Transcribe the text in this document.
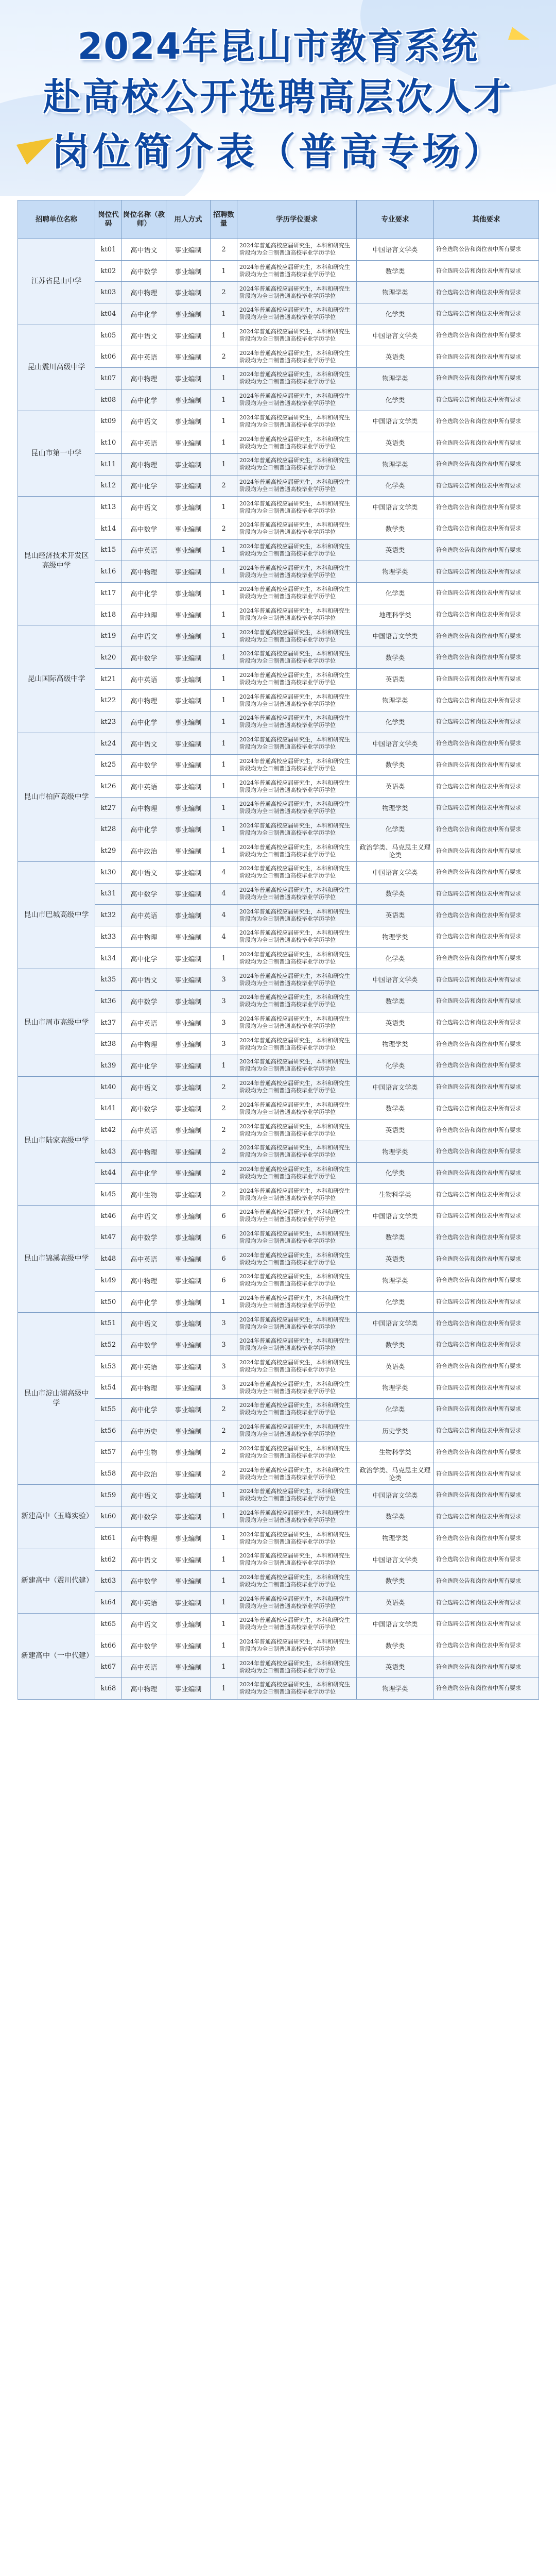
2024年昆山市教育系统
赴高校公开选聘高层次人才
岗位简介表（普高专场）
招聘单位名称	岗位代码	岗位名称（教师）	用人方式	招聘数量	学历学位要求	专业要求	其他要求
江苏省昆山中学	kt01	高中语文	事业编制	2	2024年普通高校应届研究生，本科和研究生阶段均为全日制普通高校毕业学历学位	中国语言文学类	符合选聘公告和岗位表中所有要求
	kt02	高中数学	事业编制	1	2024年普通高校应届研究生，本科和研究生阶段均为全日制普通高校毕业学历学位	数学类	符合选聘公告和岗位表中所有要求
	kt03	高中物理	事业编制	2	2024年普通高校应届研究生，本科和研究生阶段均为全日制普通高校毕业学历学位	物理学类	符合选聘公告和岗位表中所有要求
	kt04	高中化学	事业编制	1	2024年普通高校应届研究生，本科和研究生阶段均为全日制普通高校毕业学历学位	化学类	符合选聘公告和岗位表中所有要求
昆山震川高级中学	kt05	高中语文	事业编制	1	2024年普通高校应届研究生，本科和研究生阶段均为全日制普通高校毕业学历学位	中国语言文学类	符合选聘公告和岗位表中所有要求
	kt06	高中英语	事业编制	2	2024年普通高校应届研究生，本科和研究生阶段均为全日制普通高校毕业学历学位	英语类	符合选聘公告和岗位表中所有要求
	kt07	高中物理	事业编制	1	2024年普通高校应届研究生，本科和研究生阶段均为全日制普通高校毕业学历学位	物理学类	符合选聘公告和岗位表中所有要求
	kt08	高中化学	事业编制	1	2024年普通高校应届研究生，本科和研究生阶段均为全日制普通高校毕业学历学位	化学类	符合选聘公告和岗位表中所有要求
昆山市第一中学	kt09	高中语文	事业编制	1	2024年普通高校应届研究生，本科和研究生阶段均为全日制普通高校毕业学历学位	中国语言文学类	符合选聘公告和岗位表中所有要求
	kt10	高中英语	事业编制	1	2024年普通高校应届研究生，本科和研究生阶段均为全日制普通高校毕业学历学位	英语类	符合选聘公告和岗位表中所有要求
	kt11	高中物理	事业编制	1	2024年普通高校应届研究生，本科和研究生阶段均为全日制普通高校毕业学历学位	物理学类	符合选聘公告和岗位表中所有要求
	kt12	高中化学	事业编制	2	2024年普通高校应届研究生，本科和研究生阶段均为全日制普通高校毕业学历学位	化学类	符合选聘公告和岗位表中所有要求
昆山经济技术开发区高级中学	kt13	高中语文	事业编制	1	2024年普通高校应届研究生，本科和研究生阶段均为全日制普通高校毕业学历学位	中国语言文学类	符合选聘公告和岗位表中所有要求
	kt14	高中数学	事业编制	2	2024年普通高校应届研究生，本科和研究生阶段均为全日制普通高校毕业学历学位	数学类	符合选聘公告和岗位表中所有要求
	kt15	高中英语	事业编制	1	2024年普通高校应届研究生，本科和研究生阶段均为全日制普通高校毕业学历学位	英语类	符合选聘公告和岗位表中所有要求
	kt16	高中物理	事业编制	1	2024年普通高校应届研究生，本科和研究生阶段均为全日制普通高校毕业学历学位	物理学类	符合选聘公告和岗位表中所有要求
	kt17	高中化学	事业编制	1	2024年普通高校应届研究生，本科和研究生阶段均为全日制普通高校毕业学历学位	化学类	符合选聘公告和岗位表中所有要求
	kt18	高中地理	事业编制	1	2024年普通高校应届研究生，本科和研究生阶段均为全日制普通高校毕业学历学位	地理科学类	符合选聘公告和岗位表中所有要求
昆山国际高级中学	kt19	高中语文	事业编制	1	2024年普通高校应届研究生，本科和研究生阶段均为全日制普通高校毕业学历学位	中国语言文学类	符合选聘公告和岗位表中所有要求
	kt20	高中数学	事业编制	1	2024年普通高校应届研究生，本科和研究生阶段均为全日制普通高校毕业学历学位	数学类	符合选聘公告和岗位表中所有要求
	kt21	高中英语	事业编制	1	2024年普通高校应届研究生，本科和研究生阶段均为全日制普通高校毕业学历学位	英语类	符合选聘公告和岗位表中所有要求
	kt22	高中物理	事业编制	1	2024年普通高校应届研究生，本科和研究生阶段均为全日制普通高校毕业学历学位	物理学类	符合选聘公告和岗位表中所有要求
	kt23	高中化学	事业编制	1	2024年普通高校应届研究生，本科和研究生阶段均为全日制普通高校毕业学历学位	化学类	符合选聘公告和岗位表中所有要求
昆山市柏庐高级中学	kt24	高中语文	事业编制	1	2024年普通高校应届研究生，本科和研究生阶段均为全日制普通高校毕业学历学位	中国语言文学类	符合选聘公告和岗位表中所有要求
	kt25	高中数学	事业编制	1	2024年普通高校应届研究生，本科和研究生阶段均为全日制普通高校毕业学历学位	数学类	符合选聘公告和岗位表中所有要求
	kt26	高中英语	事业编制	1	2024年普通高校应届研究生，本科和研究生阶段均为全日制普通高校毕业学历学位	英语类	符合选聘公告和岗位表中所有要求
	kt27	高中物理	事业编制	1	2024年普通高校应届研究生，本科和研究生阶段均为全日制普通高校毕业学历学位	物理学类	符合选聘公告和岗位表中所有要求
	kt28	高中化学	事业编制	1	2024年普通高校应届研究生，本科和研究生阶段均为全日制普通高校毕业学历学位	化学类	符合选聘公告和岗位表中所有要求
	kt29	高中政治	事业编制	1	2024年普通高校应届研究生，本科和研究生阶段均为全日制普通高校毕业学历学位	政治学类、马克思主义理论类	符合选聘公告和岗位表中所有要求
昆山市巴城高级中学	kt30	高中语文	事业编制	4	2024年普通高校应届研究生，本科和研究生阶段均为全日制普通高校毕业学历学位	中国语言文学类	符合选聘公告和岗位表中所有要求
	kt31	高中数学	事业编制	4	2024年普通高校应届研究生，本科和研究生阶段均为全日制普通高校毕业学历学位	数学类	符合选聘公告和岗位表中所有要求
	kt32	高中英语	事业编制	4	2024年普通高校应届研究生，本科和研究生阶段均为全日制普通高校毕业学历学位	英语类	符合选聘公告和岗位表中所有要求
	kt33	高中物理	事业编制	4	2024年普通高校应届研究生，本科和研究生阶段均为全日制普通高校毕业学历学位	物理学类	符合选聘公告和岗位表中所有要求
	kt34	高中化学	事业编制	1	2024年普通高校应届研究生，本科和研究生阶段均为全日制普通高校毕业学历学位	化学类	符合选聘公告和岗位表中所有要求
昆山市周市高级中学	kt35	高中语文	事业编制	3	2024年普通高校应届研究生，本科和研究生阶段均为全日制普通高校毕业学历学位	中国语言文学类	符合选聘公告和岗位表中所有要求
	kt36	高中数学	事业编制	3	2024年普通高校应届研究生，本科和研究生阶段均为全日制普通高校毕业学历学位	数学类	符合选聘公告和岗位表中所有要求
	kt37	高中英语	事业编制	3	2024年普通高校应届研究生，本科和研究生阶段均为全日制普通高校毕业学历学位	英语类	符合选聘公告和岗位表中所有要求
	kt38	高中物理	事业编制	3	2024年普通高校应届研究生，本科和研究生阶段均为全日制普通高校毕业学历学位	物理学类	符合选聘公告和岗位表中所有要求
	kt39	高中化学	事业编制	1	2024年普通高校应届研究生，本科和研究生阶段均为全日制普通高校毕业学历学位	化学类	符合选聘公告和岗位表中所有要求
昆山市陆家高级中学	kt40	高中语文	事业编制	2	2024年普通高校应届研究生，本科和研究生阶段均为全日制普通高校毕业学历学位	中国语言文学类	符合选聘公告和岗位表中所有要求
	kt41	高中数学	事业编制	2	2024年普通高校应届研究生，本科和研究生阶段均为全日制普通高校毕业学历学位	数学类	符合选聘公告和岗位表中所有要求
	kt42	高中英语	事业编制	2	2024年普通高校应届研究生，本科和研究生阶段均为全日制普通高校毕业学历学位	英语类	符合选聘公告和岗位表中所有要求
	kt43	高中物理	事业编制	2	2024年普通高校应届研究生，本科和研究生阶段均为全日制普通高校毕业学历学位	物理学类	符合选聘公告和岗位表中所有要求
	kt44	高中化学	事业编制	2	2024年普通高校应届研究生，本科和研究生阶段均为全日制普通高校毕业学历学位	化学类	符合选聘公告和岗位表中所有要求
	kt45	高中生物	事业编制	2	2024年普通高校应届研究生，本科和研究生阶段均为全日制普通高校毕业学历学位	生物科学类	符合选聘公告和岗位表中所有要求
昆山市锦溪高级中学	kt46	高中语文	事业编制	6	2024年普通高校应届研究生，本科和研究生阶段均为全日制普通高校毕业学历学位	中国语言文学类	符合选聘公告和岗位表中所有要求
	kt47	高中数学	事业编制	6	2024年普通高校应届研究生，本科和研究生阶段均为全日制普通高校毕业学历学位	数学类	符合选聘公告和岗位表中所有要求
	kt48	高中英语	事业编制	6	2024年普通高校应届研究生，本科和研究生阶段均为全日制普通高校毕业学历学位	英语类	符合选聘公告和岗位表中所有要求
	kt49	高中物理	事业编制	6	2024年普通高校应届研究生，本科和研究生阶段均为全日制普通高校毕业学历学位	物理学类	符合选聘公告和岗位表中所有要求
	kt50	高中化学	事业编制	1	2024年普通高校应届研究生，本科和研究生阶段均为全日制普通高校毕业学历学位	化学类	符合选聘公告和岗位表中所有要求
昆山市淀山湖高级中学	kt51	高中语文	事业编制	3	2024年普通高校应届研究生，本科和研究生阶段均为全日制普通高校毕业学历学位	中国语言文学类	符合选聘公告和岗位表中所有要求
	kt52	高中数学	事业编制	3	2024年普通高校应届研究生，本科和研究生阶段均为全日制普通高校毕业学历学位	数学类	符合选聘公告和岗位表中所有要求
	kt53	高中英语	事业编制	3	2024年普通高校应届研究生，本科和研究生阶段均为全日制普通高校毕业学历学位	英语类	符合选聘公告和岗位表中所有要求
	kt54	高中物理	事业编制	3	2024年普通高校应届研究生，本科和研究生阶段均为全日制普通高校毕业学历学位	物理学类	符合选聘公告和岗位表中所有要求
	kt55	高中化学	事业编制	2	2024年普通高校应届研究生，本科和研究生阶段均为全日制普通高校毕业学历学位	化学类	符合选聘公告和岗位表中所有要求
	kt56	高中历史	事业编制	2	2024年普通高校应届研究生，本科和研究生阶段均为全日制普通高校毕业学历学位	历史学类	符合选聘公告和岗位表中所有要求
	kt57	高中生物	事业编制	2	2024年普通高校应届研究生，本科和研究生阶段均为全日制普通高校毕业学历学位	生物科学类	符合选聘公告和岗位表中所有要求
	kt58	高中政治	事业编制	2	2024年普通高校应届研究生，本科和研究生阶段均为全日制普通高校毕业学历学位	政治学类、马克思主义理论类	符合选聘公告和岗位表中所有要求
新建高中（玉峰实验）	kt59	高中语文	事业编制	1	2024年普通高校应届研究生，本科和研究生阶段均为全日制普通高校毕业学历学位	中国语言文学类	符合选聘公告和岗位表中所有要求
	kt60	高中数学	事业编制	1	2024年普通高校应届研究生，本科和研究生阶段均为全日制普通高校毕业学历学位	数学类	符合选聘公告和岗位表中所有要求
	kt61	高中物理	事业编制	1	2024年普通高校应届研究生，本科和研究生阶段均为全日制普通高校毕业学历学位	物理学类	符合选聘公告和岗位表中所有要求
新建高中（震川代建）	kt62	高中语文	事业编制	1	2024年普通高校应届研究生，本科和研究生阶段均为全日制普通高校毕业学历学位	中国语言文学类	符合选聘公告和岗位表中所有要求
	kt63	高中数学	事业编制	1	2024年普通高校应届研究生，本科和研究生阶段均为全日制普通高校毕业学历学位	数学类	符合选聘公告和岗位表中所有要求
	kt64	高中英语	事业编制	1	2024年普通高校应届研究生，本科和研究生阶段均为全日制普通高校毕业学历学位	英语类	符合选聘公告和岗位表中所有要求
新建高中（一中代建）	kt65	高中语文	事业编制	1	2024年普通高校应届研究生，本科和研究生阶段均为全日制普通高校毕业学历学位	中国语言文学类	符合选聘公告和岗位表中所有要求
	kt66	高中数学	事业编制	1	2024年普通高校应届研究生，本科和研究生阶段均为全日制普通高校毕业学历学位	数学类	符合选聘公告和岗位表中所有要求
	kt67	高中英语	事业编制	1	2024年普通高校应届研究生，本科和研究生阶段均为全日制普通高校毕业学历学位	英语类	符合选聘公告和岗位表中所有要求
	kt68	高中物理	事业编制	1	2024年普通高校应届研究生，本科和研究生阶段均为全日制普通高校毕业学历学位	物理学类	符合选聘公告和岗位表中所有要求
